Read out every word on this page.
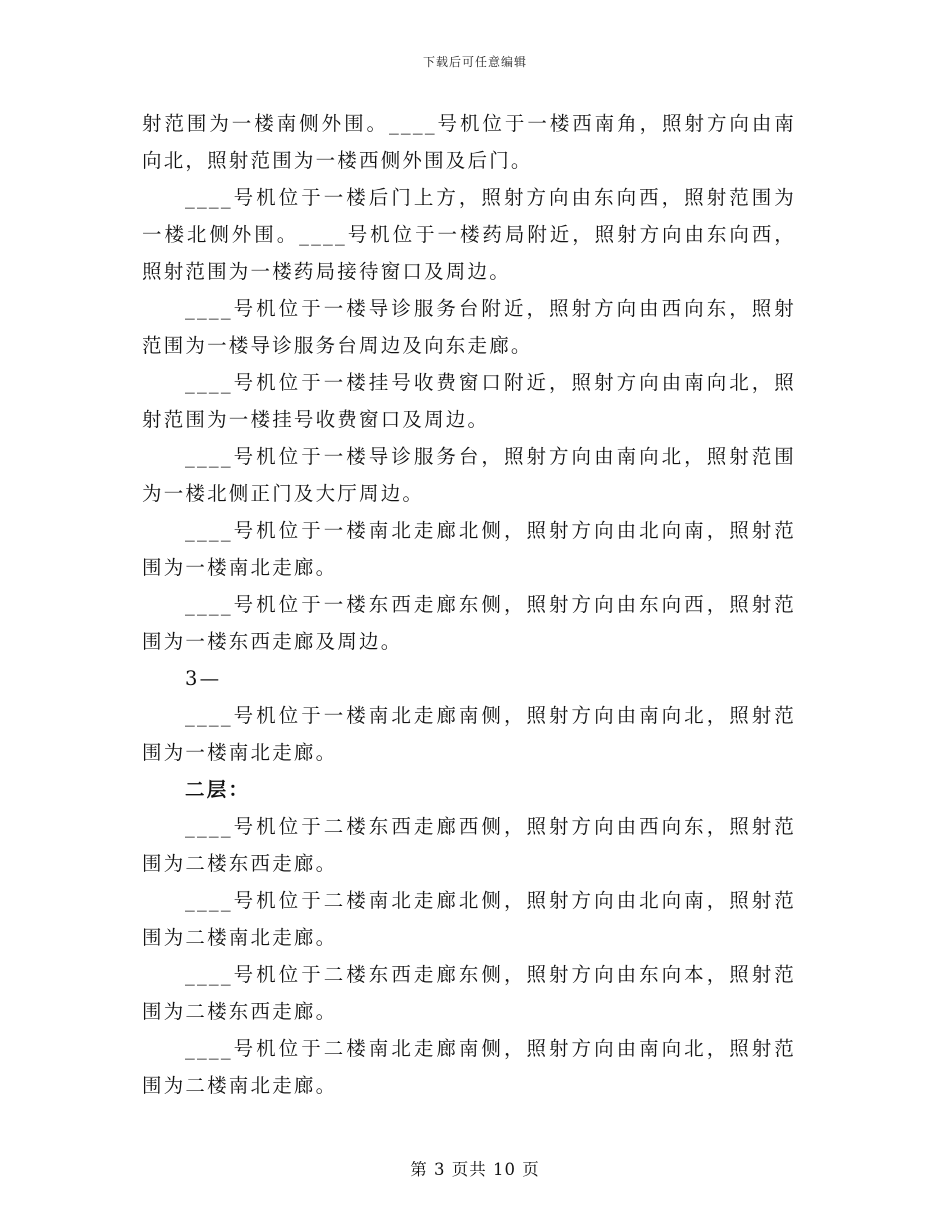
下载后可任意编辑

射范围为一楼南侧外围。____号机位于一楼西南角，照射方向由南向北，照射范围为一楼西侧外围及后门。

____号机位于一楼后门上方，照射方向由东向西，照射范围为一楼北侧外围。____号机位于一楼药局附近，照射方向由东向西，照射范围为一楼药局接待窗口及周边。

____号机位于一楼导诊服务台附近，照射方向由西向东，照射范围为一楼导诊服务台周边及向东走廊。

____号机位于一楼挂号收费窗口附近，照射方向由南向北，照射范围为一楼挂号收费窗口及周边。

____号机位于一楼导诊服务台，照射方向由南向北，照射范围为一楼北侧正门及大厅周边。

____号机位于一楼南北走廊北侧，照射方向由北向南，照射范围为一楼南北走廊。

____号机位于一楼东西走廊东侧，照射方向由东向西，照射范围为一楼东西走廊及周边。

3—

____号机位于一楼南北走廊南侧，照射方向由南向北，照射范围为一楼南北走廊。

二层：

____号机位于二楼东西走廊西侧，照射方向由西向东，照射范围为二楼东西走廊。

____号机位于二楼南北走廊北侧，照射方向由北向南，照射范围为二楼南北走廊。

____号机位于二楼东西走廊东侧，照射方向由东向本，照射范围为二楼东西走廊。

____号机位于二楼南北走廊南侧，照射方向由南向北，照射范围为二楼南北走廊。

第 3 页共 10 页
